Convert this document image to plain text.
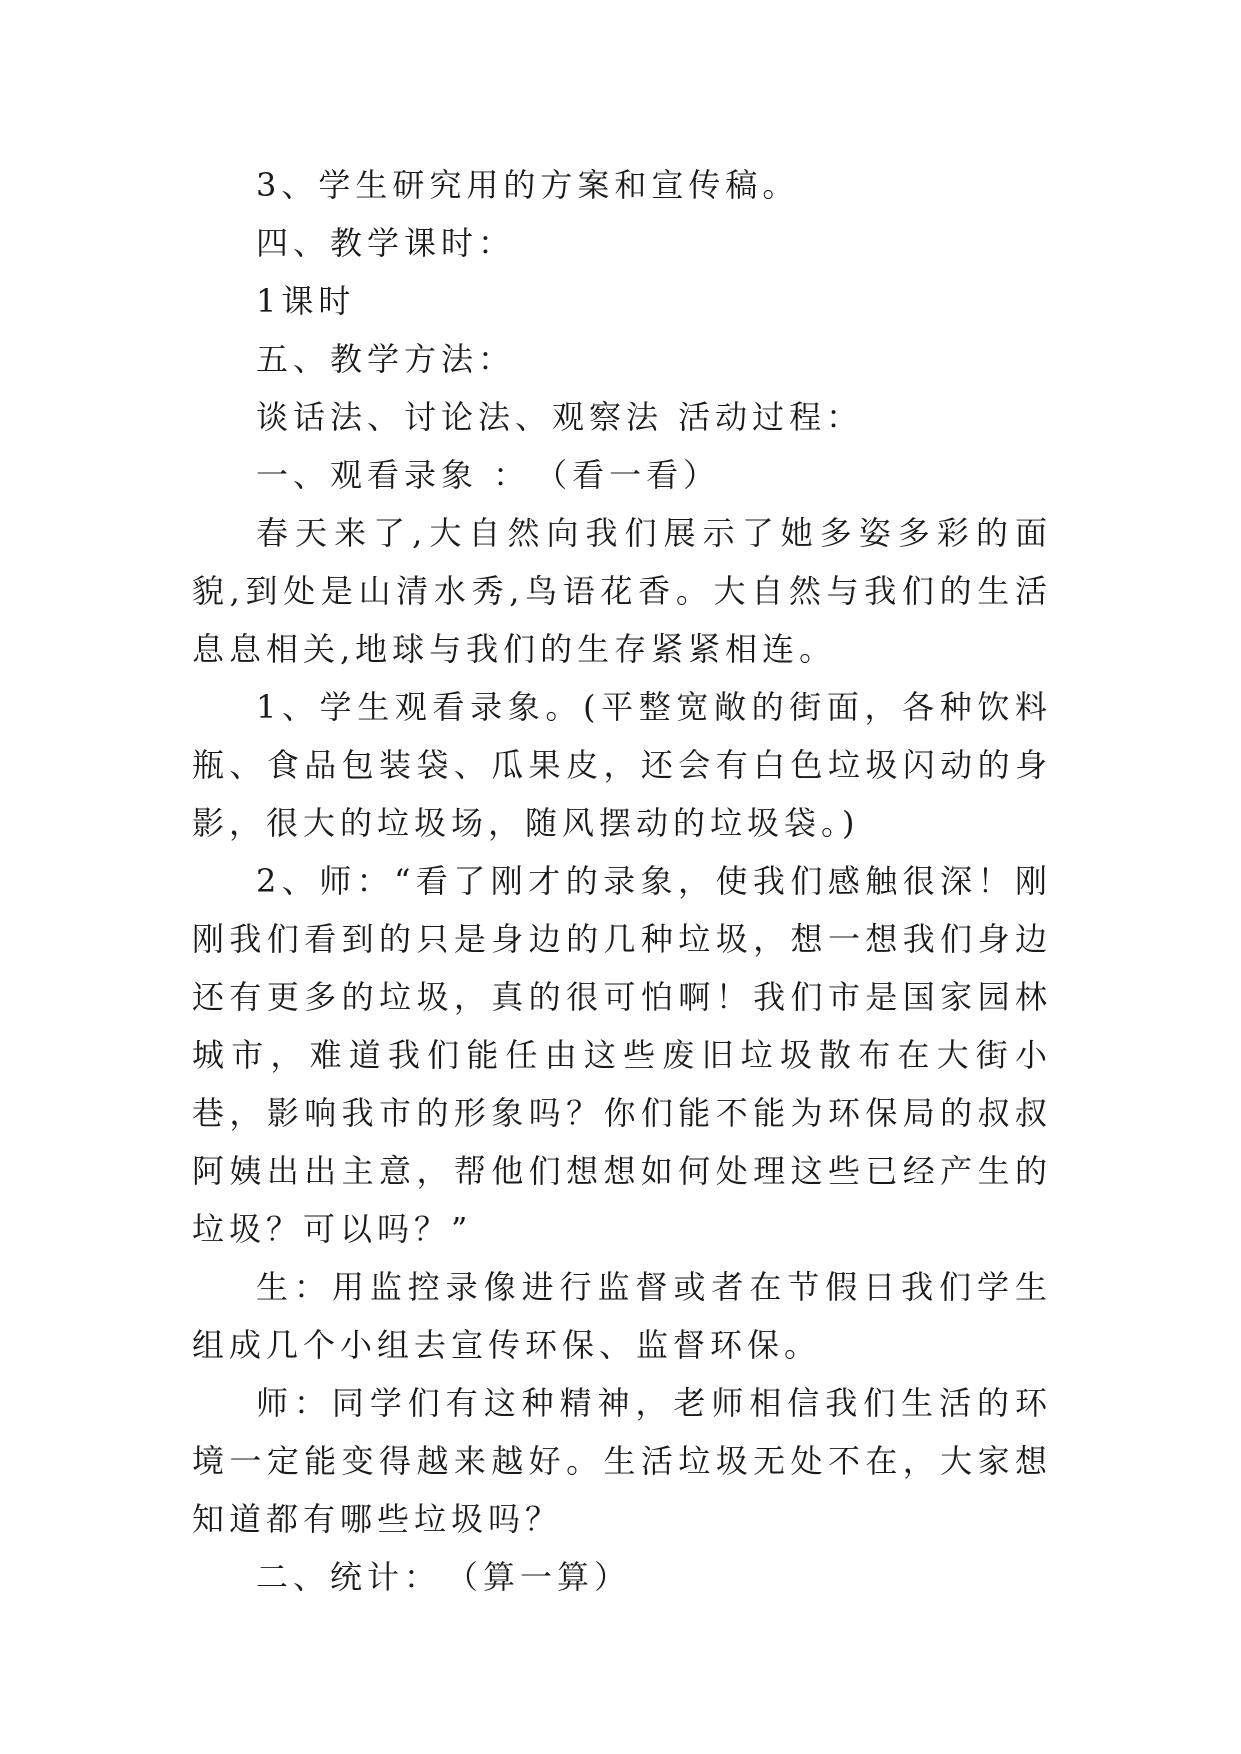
3、学生研究用的方案和宣传稿。

四、教学课时：

1课时

五、教学方法：

谈话法、讨论法、观察法 活动过程：

一、观看录象 ：　（看一看）

春天来了,大自然向我们展示了她多姿多彩的面貌,到处是山清水秀,鸟语花香。大自然与我们的生活息息相关,地球与我们的生存紧紧相连。

1、学生观看录象。(平整宽敞的街面，各种饮料瓶、食品包装袋、瓜果皮，还会有白色垃圾闪动的身影，很大的垃圾场，随风摆动的垃圾袋。)

2、师：“看了刚才的录象，使我们感触很深！刚刚我们看到的只是身边的几种垃圾，想一想我们身边还有更多的垃圾，真的很可怕啊！我们市是国家园林城市，难道我们能任由这些废旧垃圾散布在大街小巷，影响我市的形象吗？你们能不能为环保局的叔叔阿姨出出主意，帮他们想想如何处理这些已经产生的垃圾？可以吗？”

生：用监控录像进行监督或者在节假日我们学生组成几个小组去宣传环保、监督环保。

师：同学们有这种精神，老师相信我们生活的环境一定能变得越来越好。生活垃圾无处不在，大家想知道都有哪些垃圾吗？

二、统计：　（算一算）
